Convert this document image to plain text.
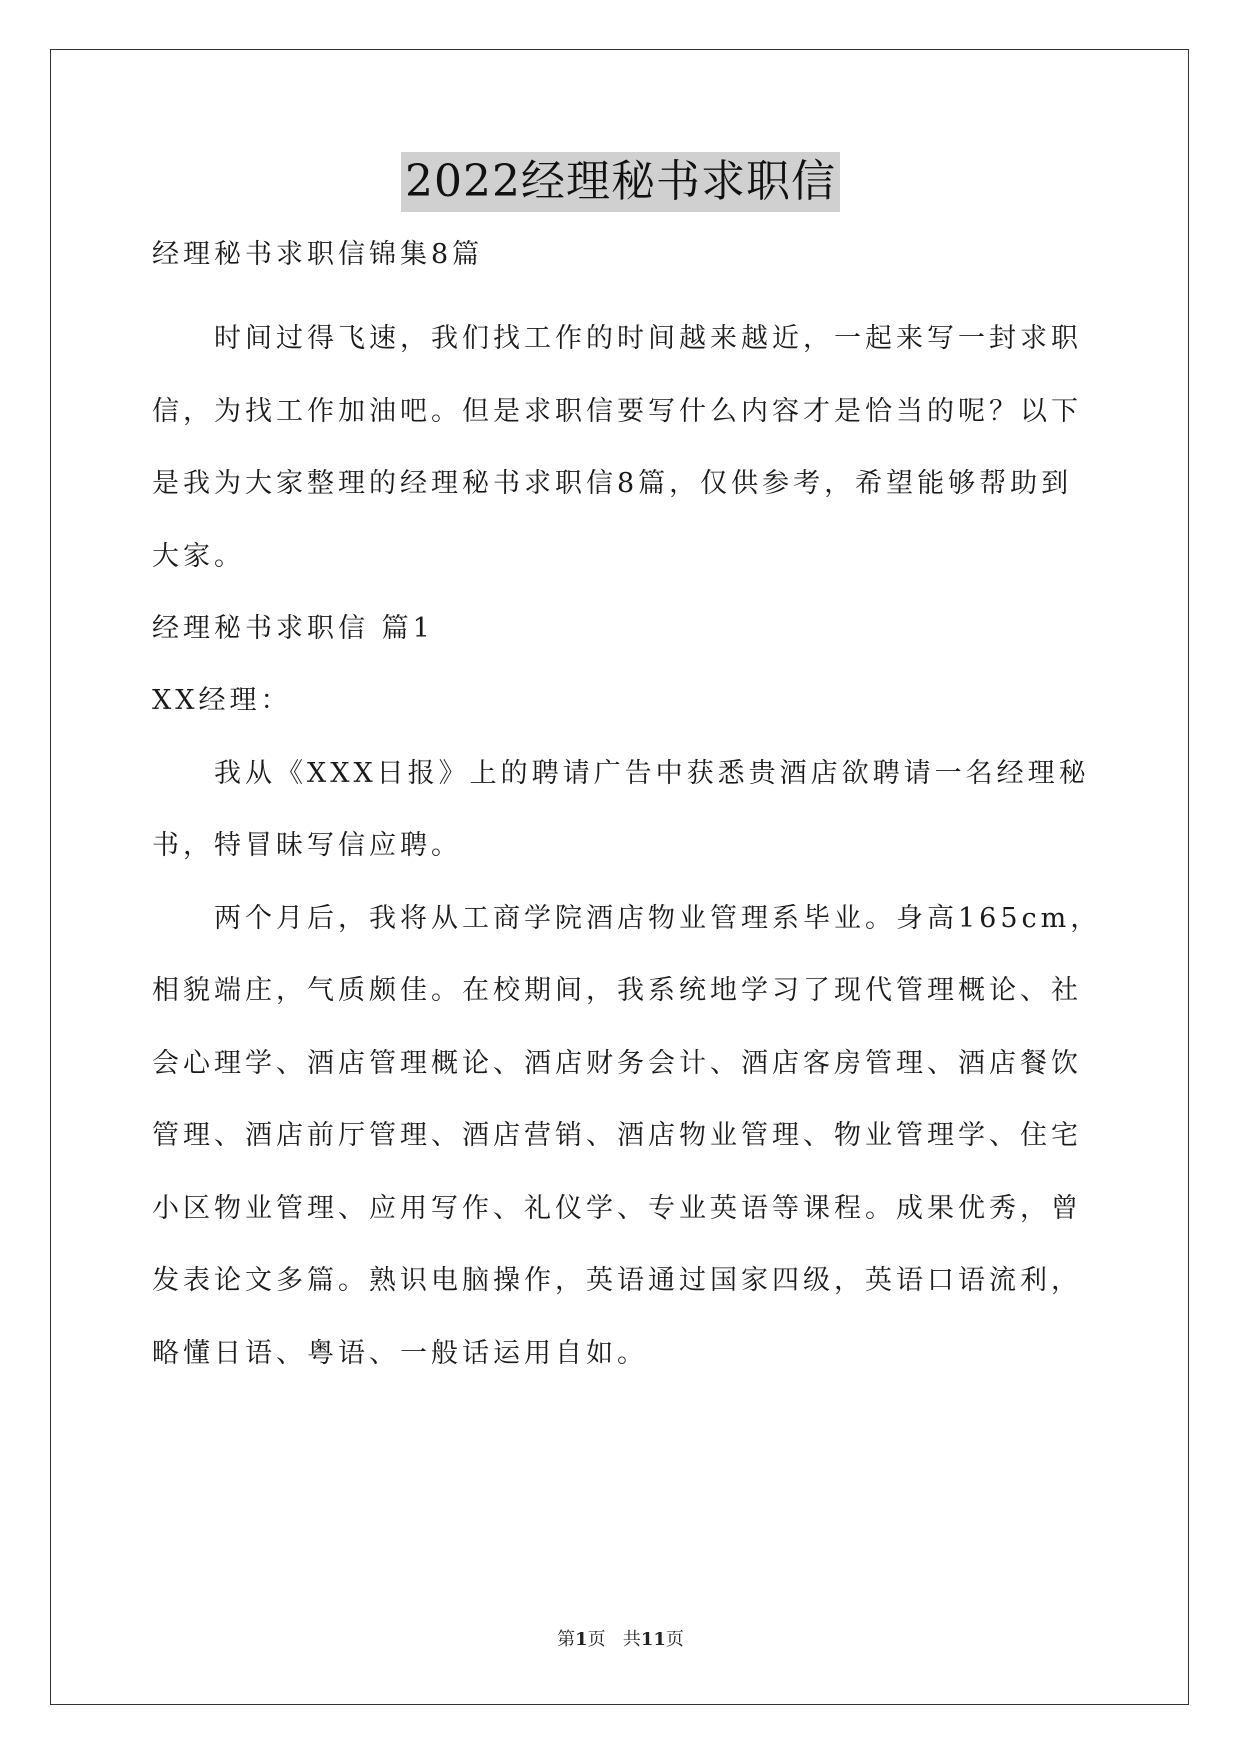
2022经理秘书求职信
经理秘书求职信锦集8篇
时间过得飞速，我们找工作的时间越来越近，一起来写一封求职
信，为找工作加油吧。但是求职信要写什么内容才是恰当的呢？以下
是我为大家整理的经理秘书求职信8篇，仅供参考，希望能够帮助到
大家。
经理秘书求职信 篇1
XX经理：
我从《XXX日报》上的聘请广告中获悉贵酒店欲聘请一名经理秘
书，特冒昧写信应聘。
两个月后，我将从工商学院酒店物业管理系毕业。身高165cm，
相貌端庄，气质颇佳。在校期间，我系统地学习了现代管理概论、社
会心理学、酒店管理概论、酒店财务会计、酒店客房管理、酒店餐饮
管理、酒店前厅管理、酒店营销、酒店物业管理、物业管理学、住宅
小区物业管理、应用写作、礼仪学、专业英语等课程。成果优秀，曾
发表论文多篇。熟识电脑操作，英语通过国家四级，英语口语流利，
略懂日语、粤语、一般话运用自如。
第1页 共11页
